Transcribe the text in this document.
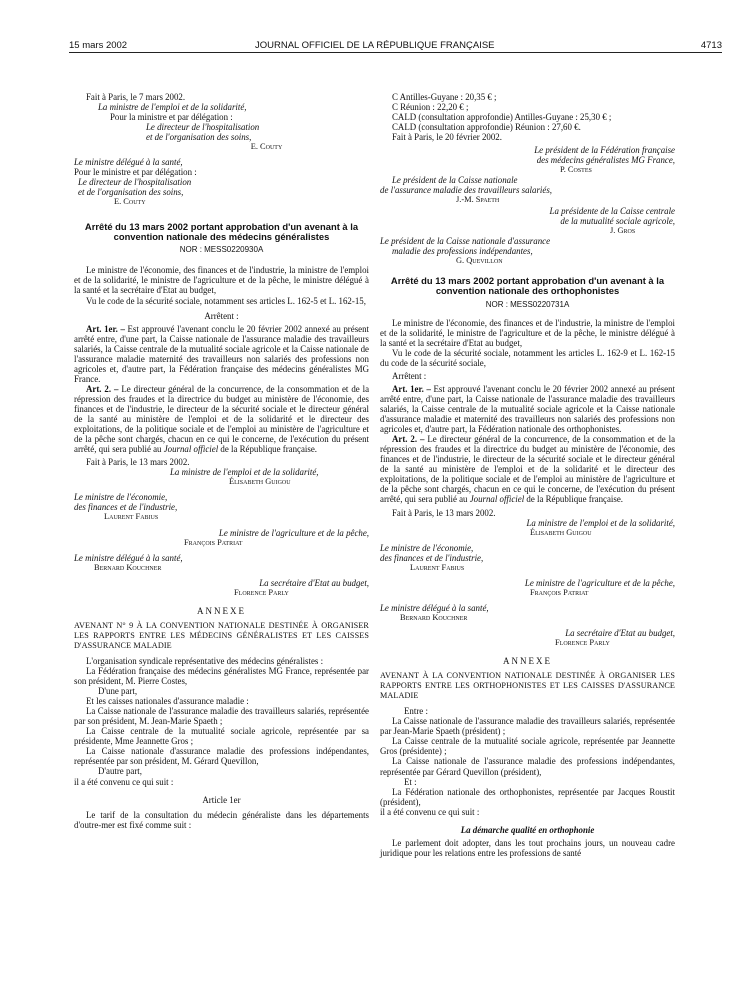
15 mars 2002	JOURNAL OFFICIEL DE LA RÉPUBLIQUE FRANÇAISE	4713

Fait à Paris, le 7 mars 2002.

La ministre de l'emploi et de la solidarité,

Pour la ministre et par délégation :

Le directeur de l'hospitalisation

et de l'organisation des soins,

E. Couty

Le ministre délégué à la santé,

Pour le ministre et par délégation :

Le directeur de l'hospitalisation

et de l'organisation des soins,

E. Couty

Arrêté du 13 mars 2002 portant approbation d'un avenant à la convention nationale des médecins généralistes

NOR : MESS0220930A

Le ministre de l'économie, des finances et de l'industrie, la ministre de l'emploi et de la solidarité, le ministre de l'agriculture et de la pêche, le ministre délégué à la santé et la secrétaire d'Etat au budget,

Vu le code de la sécurité sociale, notamment ses articles L. 162-5 et L. 162-15,

Arrêtent :

Art. 1er. – Est approuvé l'avenant conclu le 20 février 2002 annexé au présent arrêté entre, d'une part, la Caisse nationale de l'assurance maladie des travailleurs salariés, la Caisse centrale de la mutualité sociale agricole et la Caisse nationale de l'assurance maladie maternité des travailleurs non salariés des professions non agricoles et, d'autre part, la Fédération française des médecins généralistes MG France.

Art. 2. – Le directeur général de la concurrence, de la consommation et de la répression des fraudes et la directrice du budget au ministère de l'économie, des finances et de l'industrie, le directeur de la sécurité sociale et le directeur général de la santé au ministère de l'emploi et de la solidarité et le directeur des exploitations, de la politique sociale et de l'emploi au ministère de l'agriculture et de la pêche sont chargés, chacun en ce qui le concerne, de l'exécution du présent arrêté, qui sera publié au Journal officiel de la République française.

Fait à Paris, le 13 mars 2002.

La ministre de l'emploi et de la solidarité,

Élisabeth Guigou

Le ministre de l'économie,

des finances et de l'industrie,

Laurent Fabius

Le ministre de l'agriculture et de la pêche,

François Patriat

Le ministre délégué à la santé,

Bernard Kouchner

La secrétaire d'Etat au budget,

Florence Parly

ANNEXE

AVENANT N° 9 À LA CONVENTION NATIONALE DESTINÉE À ORGANISER LES RAPPORTS ENTRE LES MÉDECINS GÉNÉRALISTES ET LES CAISSES D'ASSURANCE MALADIE

L'organisation syndicale représentative des médecins généralistes :

La Fédération française des médecins généralistes MG France, représentée par son président, M. Pierre Costes,

D'une part,

Et les caisses nationales d'assurance maladie :

La Caisse nationale de l'assurance maladie des travailleurs salariés, représentée par son président, M. Jean-Marie Spaeth ;

La Caisse centrale de la mutualité sociale agricole, représentée par sa présidente, Mme Jeannette Gros ;

La Caisse nationale d'assurance maladie des professions indépendantes, représentée par son président, M. Gérard Quevillon,

D'autre part,

il a été convenu ce qui suit :

Article 1er

Le tarif de la consultation du médecin généraliste dans les départements d'outre-mer est fixé comme suit :

C Antilles-Guyane : 20,35 € ;

C Réunion : 22,20 € ;

CALD (consultation approfondie) Antilles-Guyane : 25,30 € ;

CALD (consultation approfondie) Réunion : 27,60 €.

Fait à Paris, le 20 février 2002.

Le président de la Fédération française

des médecins généralistes MG France,

P. Costes

Le président de la Caisse nationale

de l'assurance maladie des travailleurs salariés,

J.-M. Spaeth

La présidente de la Caisse centrale

de la mutualité sociale agricole,

J. Gros

Le président de la Caisse nationale d'assurance

maladie des professions indépendantes,

G. Quevillon

Arrêté du 13 mars 2002 portant approbation d'un avenant à la convention nationale des orthophonistes

NOR : MESS0220731A

Le ministre de l'économie, des finances et de l'industrie, la ministre de l'emploi et de la solidarité, le ministre de l'agriculture et de la pêche, le ministre délégué à la santé et la secrétaire d'Etat au budget,

Vu le code de la sécurité sociale, notamment les articles L. 162-9 et L. 162-15 du code de la sécurité sociale,

Arrêtent :

Art. 1er. – Est approuvé l'avenant conclu le 20 février 2002 annexé au présent arrêté entre, d'une part, la Caisse nationale de l'assurance maladie des travailleurs salariés, la Caisse centrale de la mutualité sociale agricole et la Caisse nationale d'assurance maladie et maternité des travailleurs non salariés des professions non agricoles et, d'autre part, la Fédération nationale des orthophonistes.

Art. 2. – Le directeur général de la concurrence, de la consommation et de la répression des fraudes et la directrice du budget au ministère de l'économie, des finances et de l'industrie, le directeur de la sécurité sociale et le directeur général de la santé au ministère de l'emploi et de la solidarité et le directeur des exploitations, de la politique sociale et de l'emploi au ministère de l'agriculture et de la pêche sont chargés, chacun en ce qui le concerne, de l'exécution du présent arrêté, qui sera publié au Journal officiel de la République française.

Fait à Paris, le 13 mars 2002.

La ministre de l'emploi et de la solidarité,

Élisabeth Guigou

Le ministre de l'économie,

des finances et de l'industrie,

Laurent Fabius

Le ministre de l'agriculture et de la pêche,

François Patriat

Le ministre délégué à la santé,

Bernard Kouchner

La secrétaire d'Etat au budget,

Florence Parly

ANNEXE

AVENANT À LA CONVENTION NATIONALE DESTINÉE À ORGANISER LES RAPPORTS ENTRE LES ORTHOPHONISTES ET LES CAISSES D'ASSURANCE MALADIE

Entre :

La Caisse nationale de l'assurance maladie des travailleurs salariés, représentée par Jean-Marie Spaeth (président) ;

La Caisse centrale de la mutualité sociale agricole, représentée par Jeannette Gros (présidente) ;

La Caisse nationale de l'assurance maladie des professions indépendantes, représentée par Gérard Quevillon (président),

Et :

La Fédération nationale des orthophonistes, représentée par Jacques Roustit (président),

il a été convenu ce qui suit :

La démarche qualité en orthophonie

Le parlement doit adopter, dans les tout prochains jours, un nouveau cadre juridique pour les relations entre les professions de santé
